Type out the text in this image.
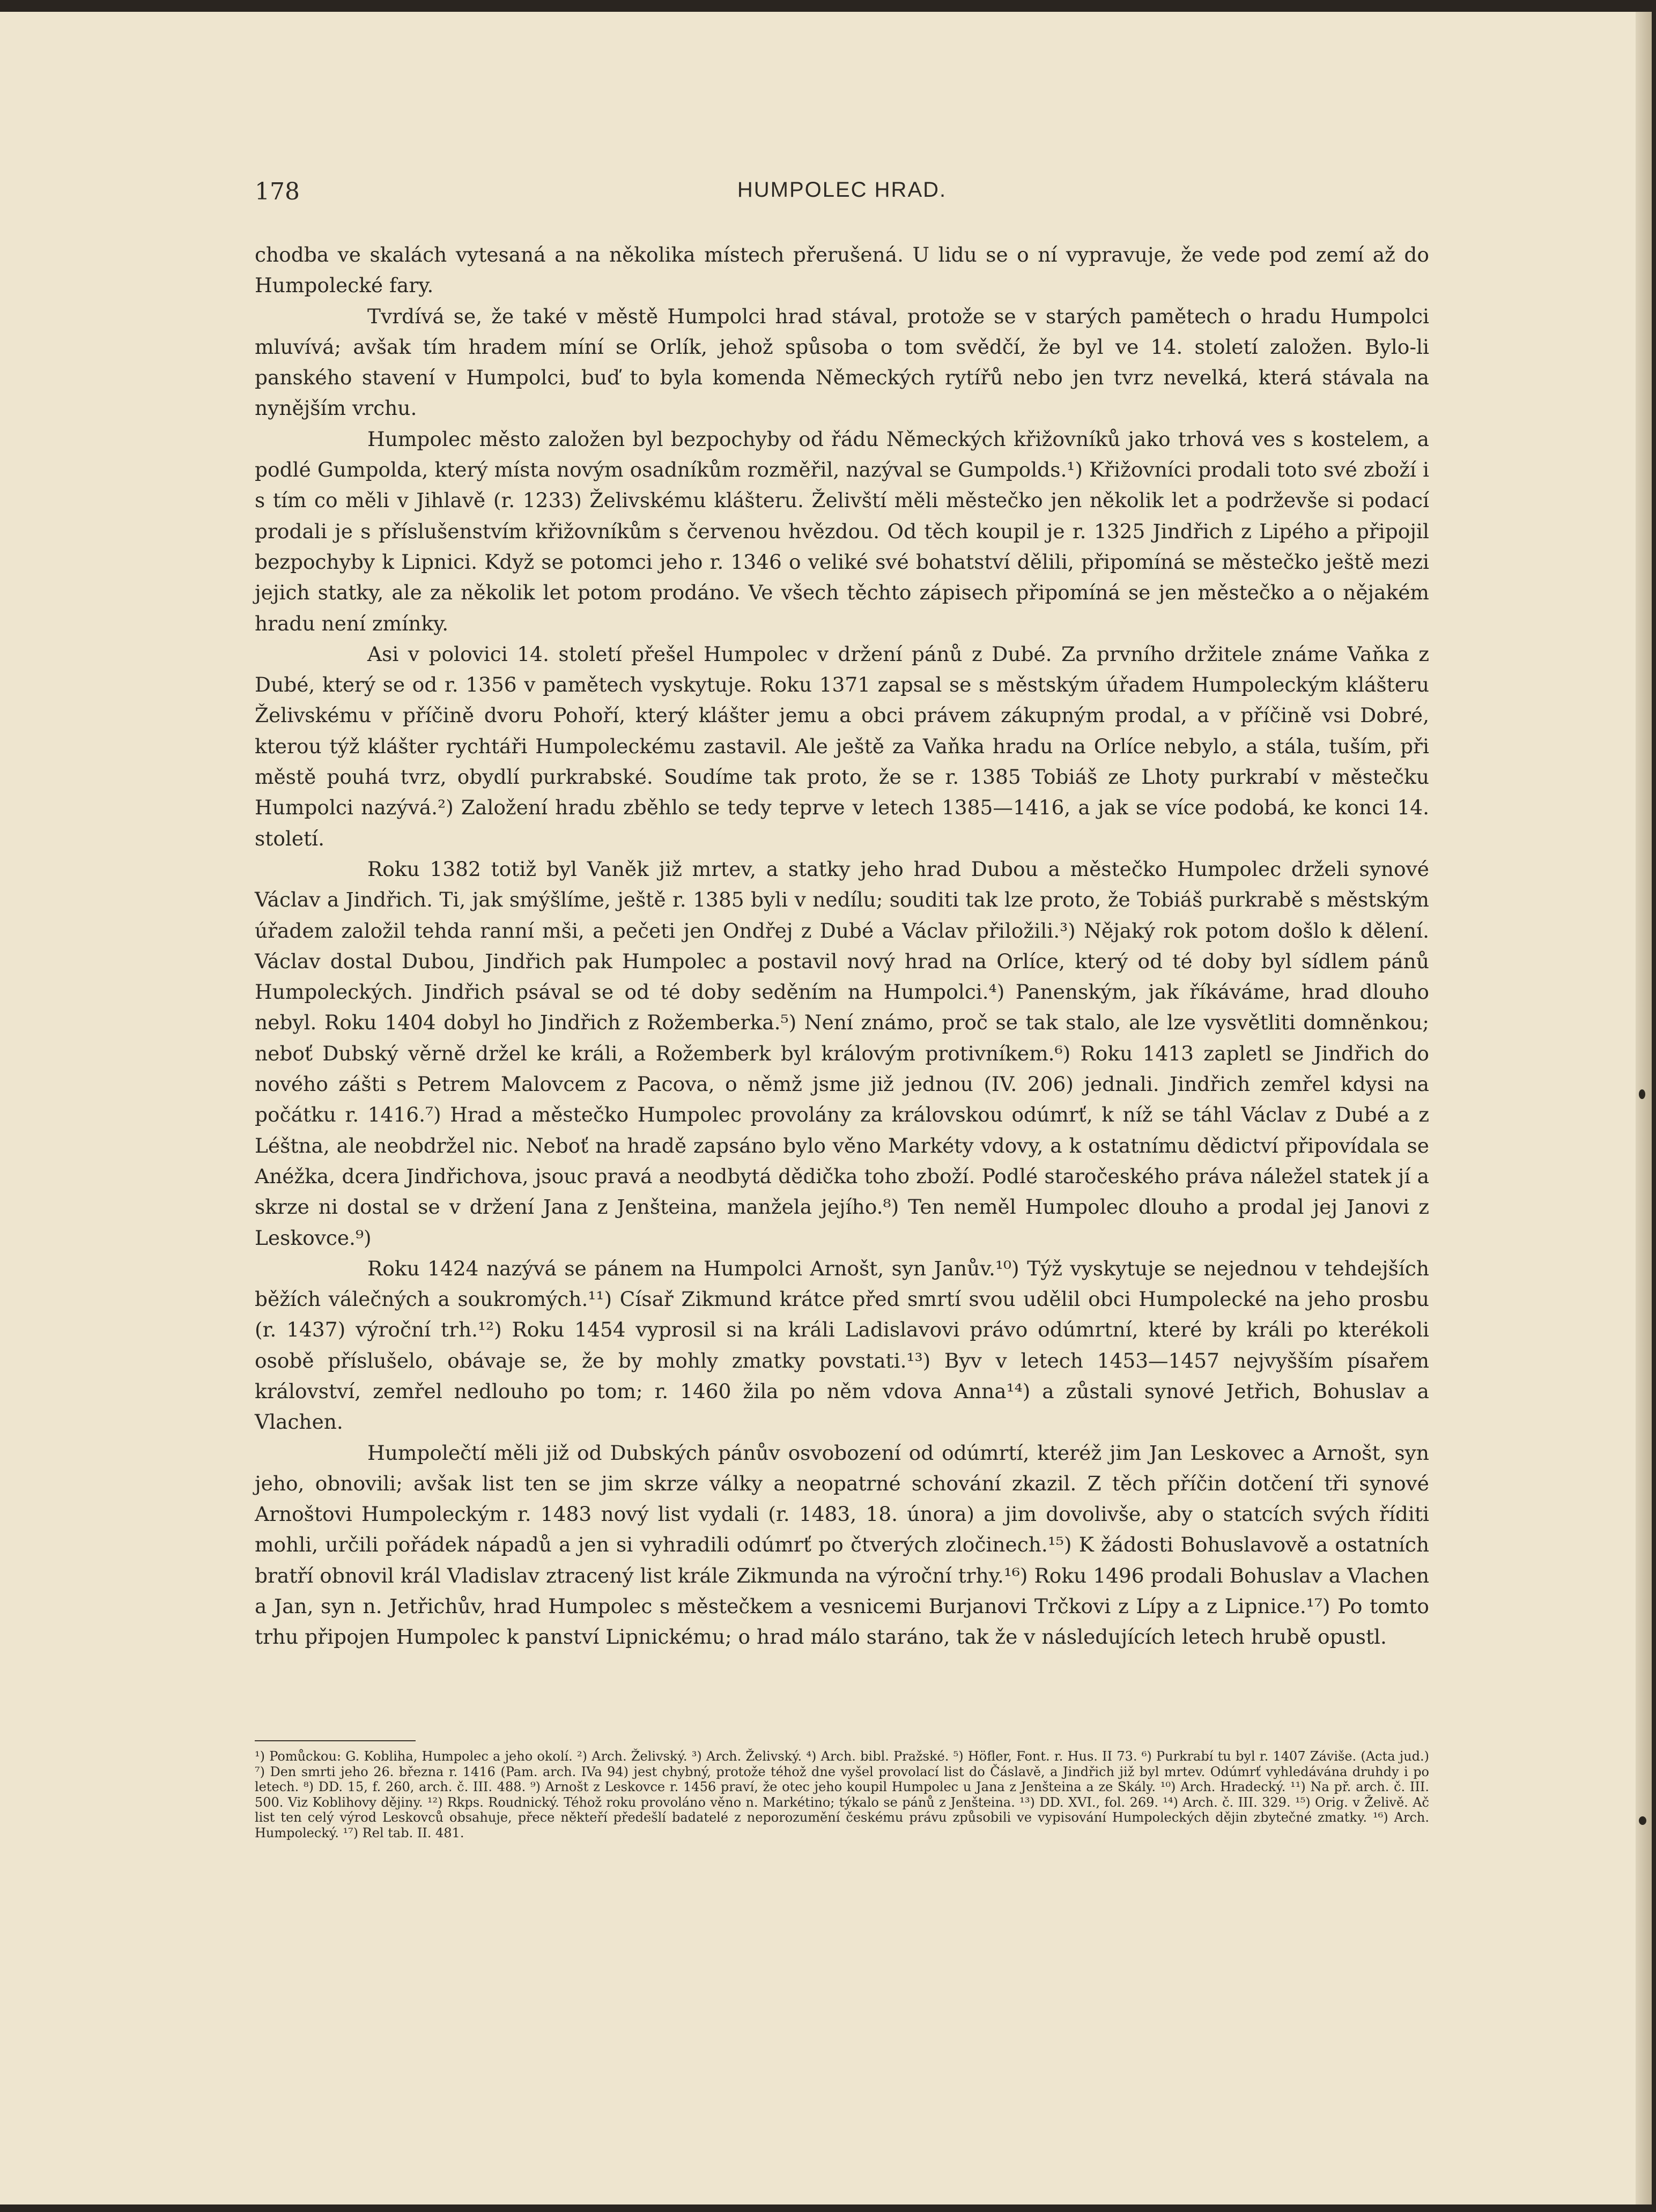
178	HUMPOLEC HRAD.

chodba ve skalách vytesaná a na několika místech přerušená. U lidu se o ní vypravuje, že vede pod zemí až do Humpolecké fary.

Tvrdívá se, že také v městě Humpolci hrad stával, protože se v starých pamětech o hradu Humpolci mluvívá; avšak tím hradem míní se Orlík, jehož spůsoba o tom svědčí, že byl ve 14. století založen. Bylo-li panského stavení v Humpolci, buď to byla komenda Německých rytířů nebo jen tvrz nevelká, která stávala na nynějším vrchu.

Humpolec město založen byl bezpochyby od řádu Německých křižovníků jako trhová ves s kostelem, a podlé Gumpolda, který místa novým osadníkům rozměřil, nazýval se Gumpolds.¹) Křižovníci prodali toto své zboží i s tím co měli v Jihlavě (r. 1233) Želivskému klášteru. Želivští měli městečko jen několik let a podrževše si podací prodali je s příslušenstvím křižovníkům s červenou hvězdou. Od těch koupil je r. 1325 Jindřich z Lipého a připojil bezpochyby k Lipnici. Když se potomci jeho r. 1346 o veliké své bohatství dělili, připomíná se městečko ještě mezi jejich statky, ale za několik let potom prodáno. Ve všech těchto zápisech připomíná se jen městečko a o nějakém hradu není zmínky.

Asi v polovici 14. století přešel Humpolec v držení pánů z Dubé. Za prvního držitele známe Vaňka z Dubé, který se od r. 1356 v pamětech vyskytuje. Roku 1371 zapsal se s městským úřadem Humpoleckým klášteru Želivskému v příčině dvoru Pohoří, který klášter jemu a obci právem zákupným prodal, a v příčině vsi Dobré, kterou týž klášter rychtáři Humpoleckému zastavil. Ale ještě za Vaňka hradu na Orlíce nebylo, a stála, tuším, při městě pouhá tvrz, obydlí purkrabské. Soudíme tak proto, že se r. 1385 Tobiáš ze Lhoty purkrabí v městečku Humpolci nazývá.²) Založení hradu zběhlo se tedy teprve v letech 1385—1416, a jak se více podobá, ke konci 14. století.

Roku 1382 totiž byl Vaněk již mrtev, a statky jeho hrad Dubou a městečko Humpolec drželi synové Václav a Jindřich. Ti, jak smýšlíme, ještě r. 1385 byli v nedílu; souditi tak lze proto, že Tobiáš purkrabě s městským úřadem založil tehda ranní mši, a pečeti jen Ondřej z Dubé a Václav přiložili.³) Nějaký rok potom došlo k dělení. Václav dostal Dubou, Jindřich pak Humpolec a postavil nový hrad na Orlíce, který od té doby byl sídlem pánů Humpoleckých. Jindřich psával se od té doby seděním na Humpolci.⁴) Panenským, jak říkáváme, hrad dlouho nebyl. Roku 1404 dobyl ho Jindřich z Rožemberka.⁵) Není známo, proč se tak stalo, ale lze vysvětliti domněnkou; neboť Dubský věrně držel ke králi, a Rožemberk byl královým protivníkem.⁶) Roku 1413 zapletl se Jindřich do nového zášti s Petrem Malovcem z Pacova, o němž jsme již jednou (IV. 206) jednali. Jindřich zemřel kdysi na počátku r. 1416.⁷) Hrad a městečko Humpolec provolány za královskou odúmrť, k níž se táhl Václav z Dubé a z Léštna, ale neobdržel nic. Neboť na hradě zapsáno bylo věno Markéty vdovy, a k ostatnímu dědictví připovídala se Anéžka, dcera Jindřichova, jsouc pravá a neodbytá dědička toho zboží. Podlé staročeského práva náležel statek jí a skrze ni dostal se v držení Jana z Jenšteina, manžela jejího.⁸) Ten neměl Humpolec dlouho a prodal jej Janovi z Leskovce.⁹)

Roku 1424 nazývá se pánem na Humpolci Arnošt, syn Janův.¹⁰) Týž vyskytuje se nejednou v tehdejších běžích válečných a soukromých.¹¹) Císař Zikmund krátce před smrtí svou udělil obci Humpolecké na jeho prosbu (r. 1437) výroční trh.¹²) Roku 1454 vyprosil si na králi Ladislavovi právo odúmrtní, které by králi po kterékoli osobě příslušelo, obávaje se, že by mohly zmatky povstati.¹³) Byv v letech 1453—1457 nejvyšším písařem království, zemřel nedlouho po tom; r. 1460 žila po něm vdova Anna¹⁴) a zůstali synové Jetřich, Bohuslav a Vlachen.

Humpolečtí měli již od Dubských pánův osvobození od odúmrtí, kteréž jim Jan Leskovec a Arnošt, syn jeho, obnovili; avšak list ten se jim skrze války a neopatrné schování zkazil. Z těch příčin dotčení tři synové Arnoštovi Humpoleckým r. 1483 nový list vydali (r. 1483, 18. února) a jim dovolivše, aby o statcích svých říditi mohli, určili pořádek nápadů a jen si vyhradili odúmrť po čtverých zločinech.¹⁵) K žádosti Bohuslavově a ostatních bratří obnovil král Vladislav ztracený list krále Zikmunda na výroční trhy.¹⁶) Roku 1496 prodali Bohuslav a Vlachen a Jan, syn n. Jetřichův, hrad Humpolec s městečkem a vesnicemi Burjanovi Trčkovi z Lípy a z Lipnice.¹⁷) Po tomto trhu připojen Humpolec k panství Lipnickému; o hrad málo staráno, tak že v následujících letech hrubě opustl.

¹) Pomůckou: G. Kobliha, Humpolec a jeho okolí. ²) Arch. Želivský. ³) Arch. Želivský. ⁴) Arch. bibl. Pražské. ⁵) Höfler, Font. r. Hus. II 73. ⁶) Purkrabí tu byl r. 1407 Záviše. (Acta jud.) ⁷) Den smrti jeho 26. března r. 1416 (Pam. arch. IVa 94) jest chybný, protože téhož dne vyšel provolací list do Čáslavě, a Jindřich již byl mrtev. Odúmrť vyhledávána druhdy i po letech. ⁸) DD. 15, f. 260, arch. č. III. 488. ⁹) Arnošt z Leskovce r. 1456 praví, že otec jeho koupil Humpolec u Jana z Jenšteina a ze Skály. ¹⁰) Arch. Hradecký. ¹¹) Na př. arch. č. III. 500. Viz Koblihovy dějiny. ¹²) Rkps. Roudnický. Téhož roku provoláno věno n. Markétino; týkalo se pánů z Jenšteina. ¹³) DD. XVI., fol. 269. ¹⁴) Arch. č. III. 329. ¹⁵) Orig. v Želivě. Ač list ten celý výrod Leskovců obsahuje, přece někteří předešlí badatelé z neporozumění českému právu způsobili ve vypisování Humpoleckých dějin zbytečné zmatky. ¹⁶) Arch. Humpolecký. ¹⁷) Rel tab. II. 481.
